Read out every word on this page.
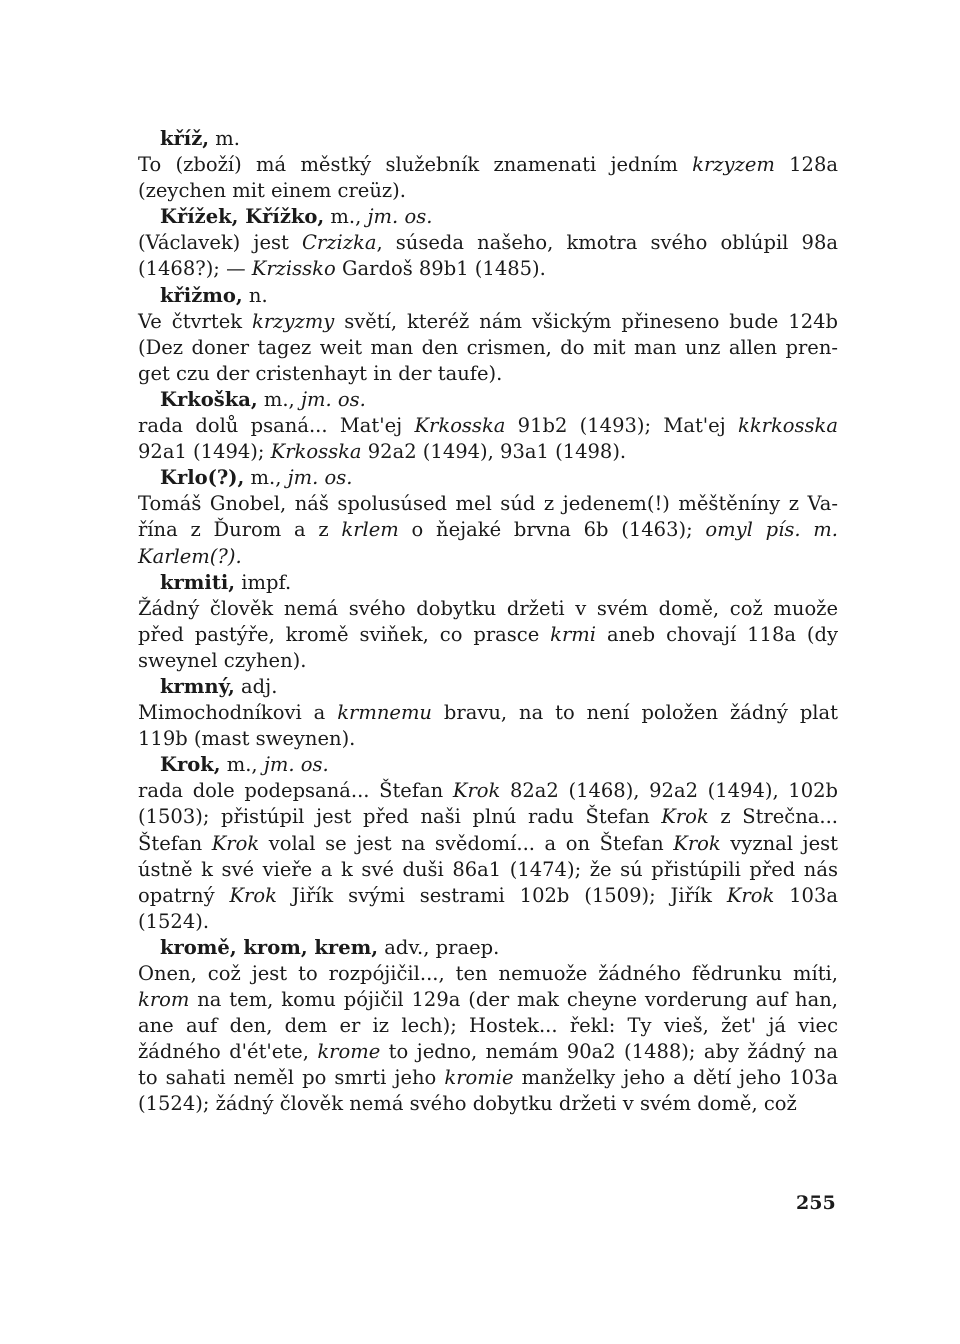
kříž, m.
To (zboží) má městký služebník znamenati jedním krzyzem 128a
(zeychen mit einem creüz).
Křížek, Křížko, m., jm. os.
(Václavek) jest Crzizka, súseda našeho, kmotra svého oblúpil 98a
(1468?); — Krzissko Gardoš 89b1 (1485).
křižmo, n.
Ve čtvrtek krzyzmy světí, kteréž nám všickým přineseno bude 124b
(Dez doner tagez weit man den crismen, do mit man unz allen pren-
get czu der cristenhayt in der taufe).
Krkoška, m., jm. os.
rada dolů psaná... Mat'ej Krkosska 91b2 (1493); Mat'ej kkrkosska
92a1 (1494); Krkosska 92a2 (1494), 93a1 (1498).
Krlo(?), m., jm. os.
Tomáš Gnobel, náš spolusúsed mel súd z jedenem(!) měštěníny z Va-
řína z Ďurom a z krlem o ňejaké brvna 6b (1463); omyl pís. m.
Karlem(?).
krmiti, impf.
Žádný člověk nemá svého dobytku držeti v svém domě, což muože
před pastýře, kromě sviňek, co prasce krmi aneb chovají 118a (dy
sweynel czyhen).
krmný, adj.
Mimochodníkovi a krmnemu bravu, na to není položen žádný plat
119b (mast sweynen).
Krok, m., jm. os.
rada dole podepsaná... Štefan Krok 82a2 (1468), 92a2 (1494), 102b
(1503); přistúpil jest před naši plnú radu Štefan Krok z Strečna...
Štefan Krok volal se jest na svědomí... a on Štefan Krok vyznal jest
ústně k své vieře a k své duši 86a1 (1474); že sú přistúpili před nás
opatrný Krok Jiřík svými sestrami 102b (1509); Jiřík Krok 103a
(1524).
kromě, krom, krem, adv., praep.
Onen, což jest to rozpójičil..., ten nemuože žádného fědrunku míti,
krom na tem, komu pójičil 129a (der mak cheyne vorderung auf han,
ane auf den, dem er iz lech); Hostek... řekl: Ty vieš, žet' já viec
žádného d'ét'ete, krome to jedno, nemám 90a2 (1488); aby žádný na
to sahati neměl po smrti jeho kromie manželky jeho a dětí jeho 103a
(1524); žádný člověk nemá svého dobytku držeti v svém domě, což
255
